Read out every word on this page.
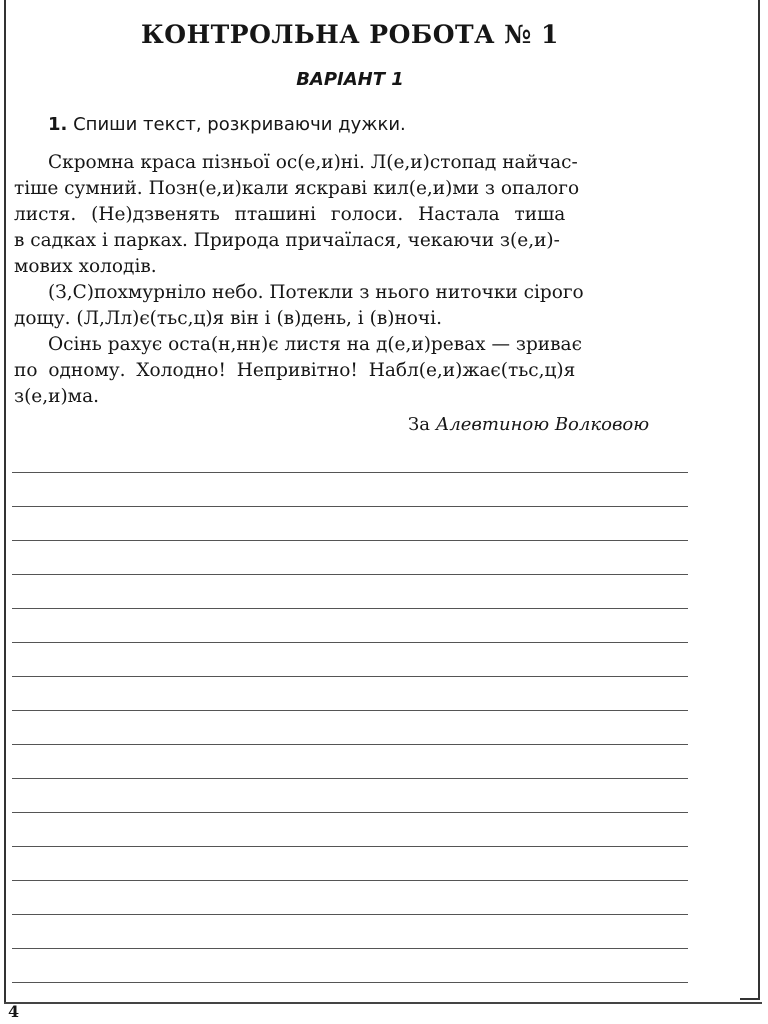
КОНТРОЛЬНА РОБОТА № 1
ВАРІАНТ 1

1. Спиши текст, розкриваючи дужки.

Скромна краса пізньої ос(е,и)ні. Л(е,и)стопад найчас-

тіше сумний. Позн(е,и)кали яскраві кил(е,и)ми з опалого

листя. (Не)дзвенять пташині голоси. Настала тиша

в садках і парках. Природа причаїлася, чекаючи з(е,и)-

мових холодів.

(З,С)похмурніло небо. Потекли з нього ниточки сірого

дощу. (Л,Лл)є(тьс,ц)я він і (в)день, і (в)ночі.

Осінь рахує оста(н,нн)є листя на д(е,и)ревах — зриває

по одному. Холодно! Непривітно! Набл(е,и)жає(тьс,ц)я

з(е,и)ма.

За Алевтиною Волковою
4
